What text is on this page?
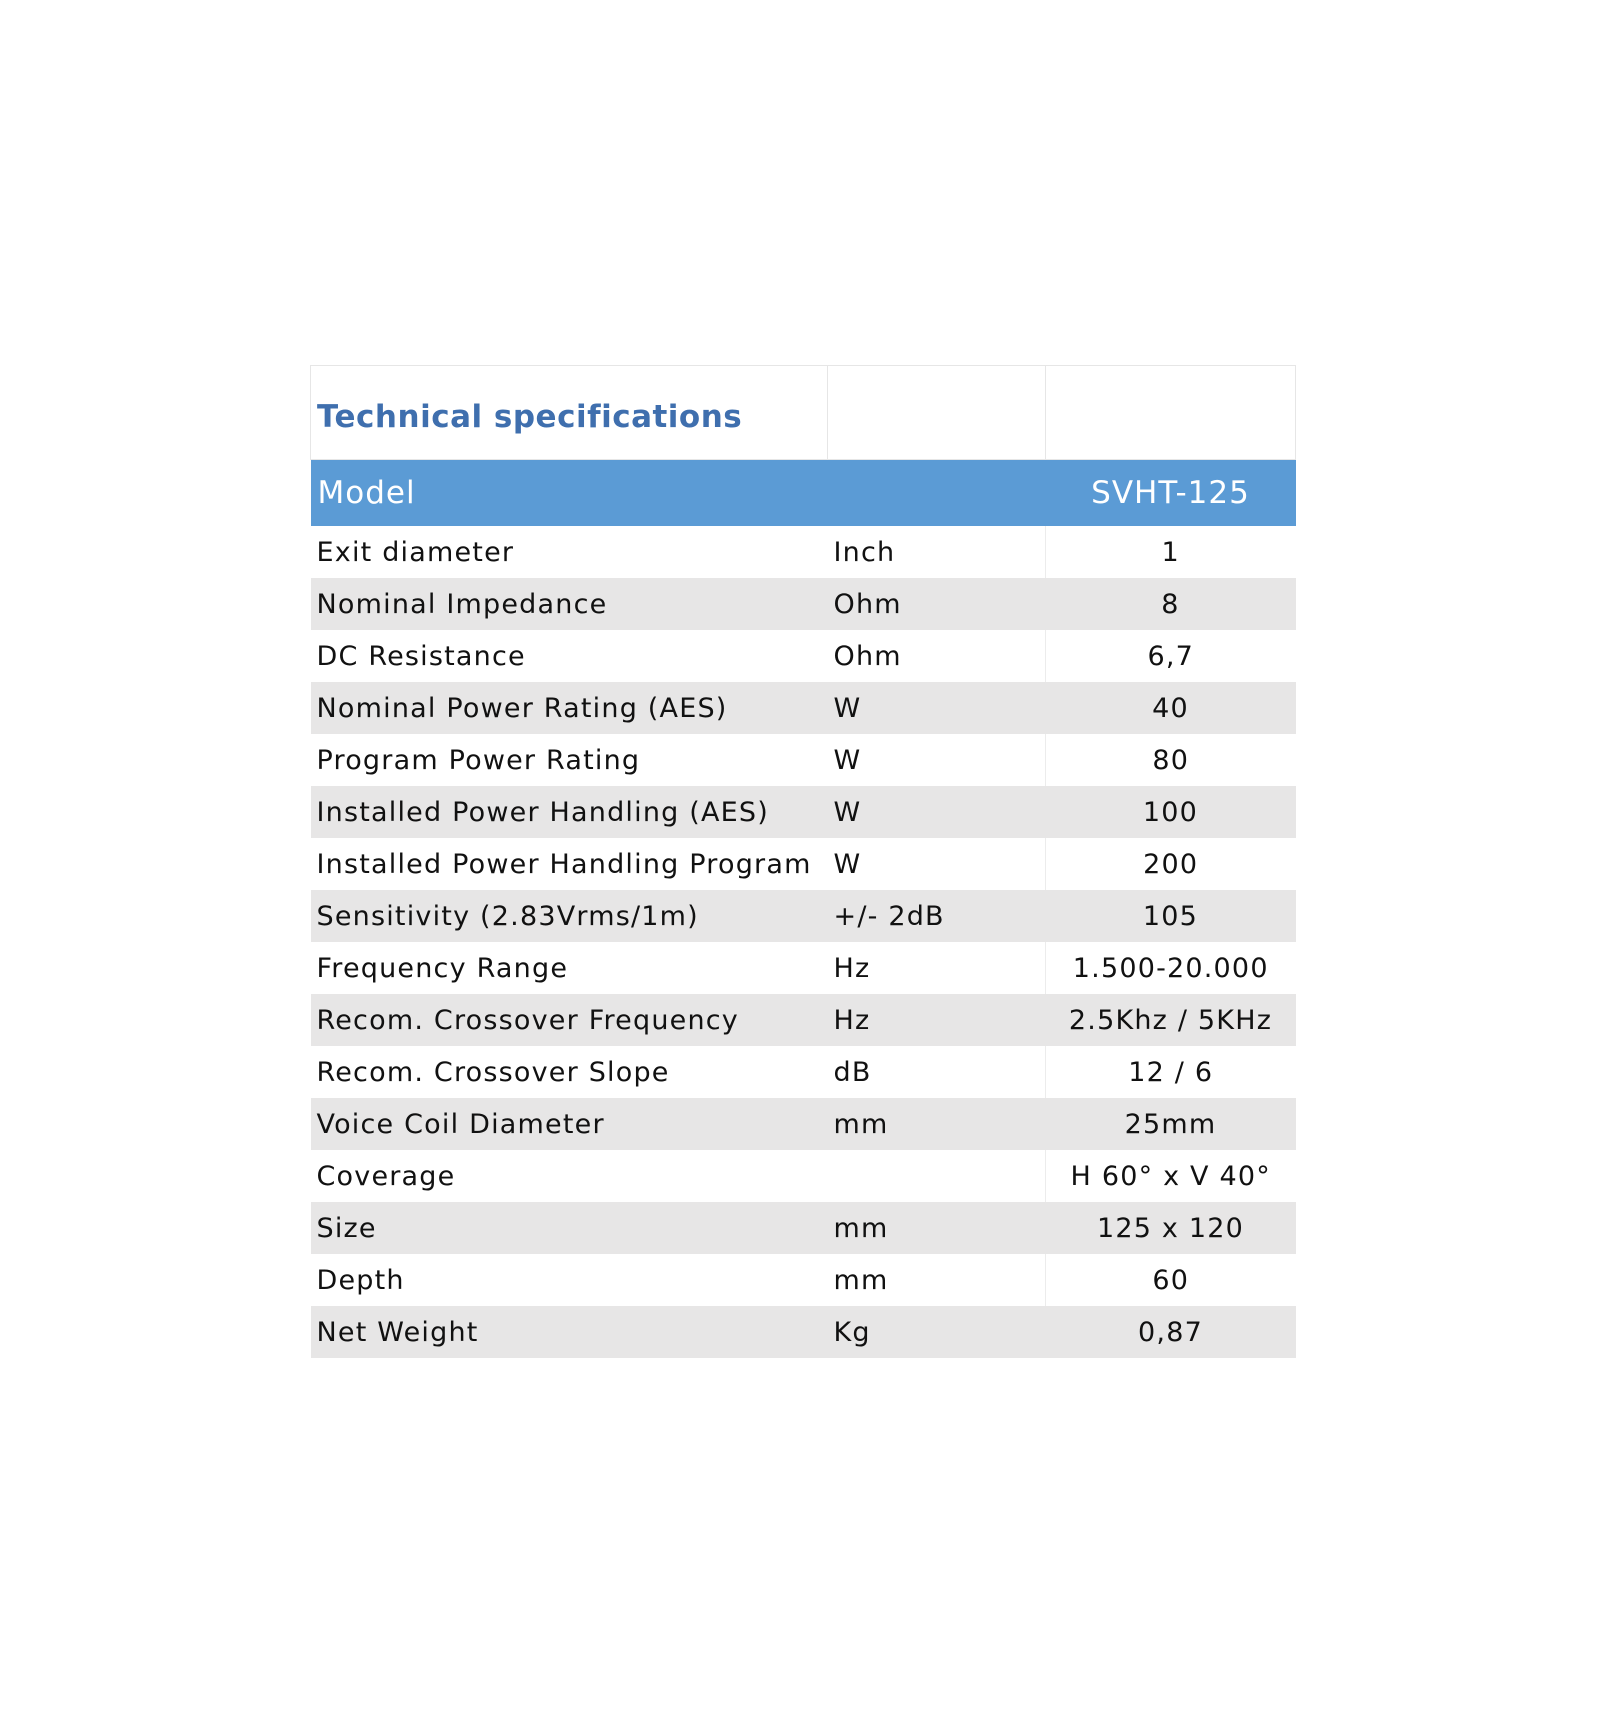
Technical specifications		
Model		SVHT-125
Exit diameter	Inch	1
Nominal Impedance	Ohm	8
DC Resistance	Ohm	6,7
Nominal Power Rating (AES)	W	40
Program Power Rating	W	80
Installed Power Handling (AES)	W	100
Installed Power Handling Program	W	200
Sensitivity (2.83Vrms/1m)	+/- 2dB	105
Frequency Range	Hz	1.500-20.000
Recom. Crossover Frequency	Hz	2.5Khz / 5KHz
Recom. Crossover Slope	dB	12 / 6
Voice Coil Diameter	mm	25mm
Coverage		H 60° x V 40°
Size	mm	125 x 120
Depth	mm	60
Net Weight	Kg	0,87
